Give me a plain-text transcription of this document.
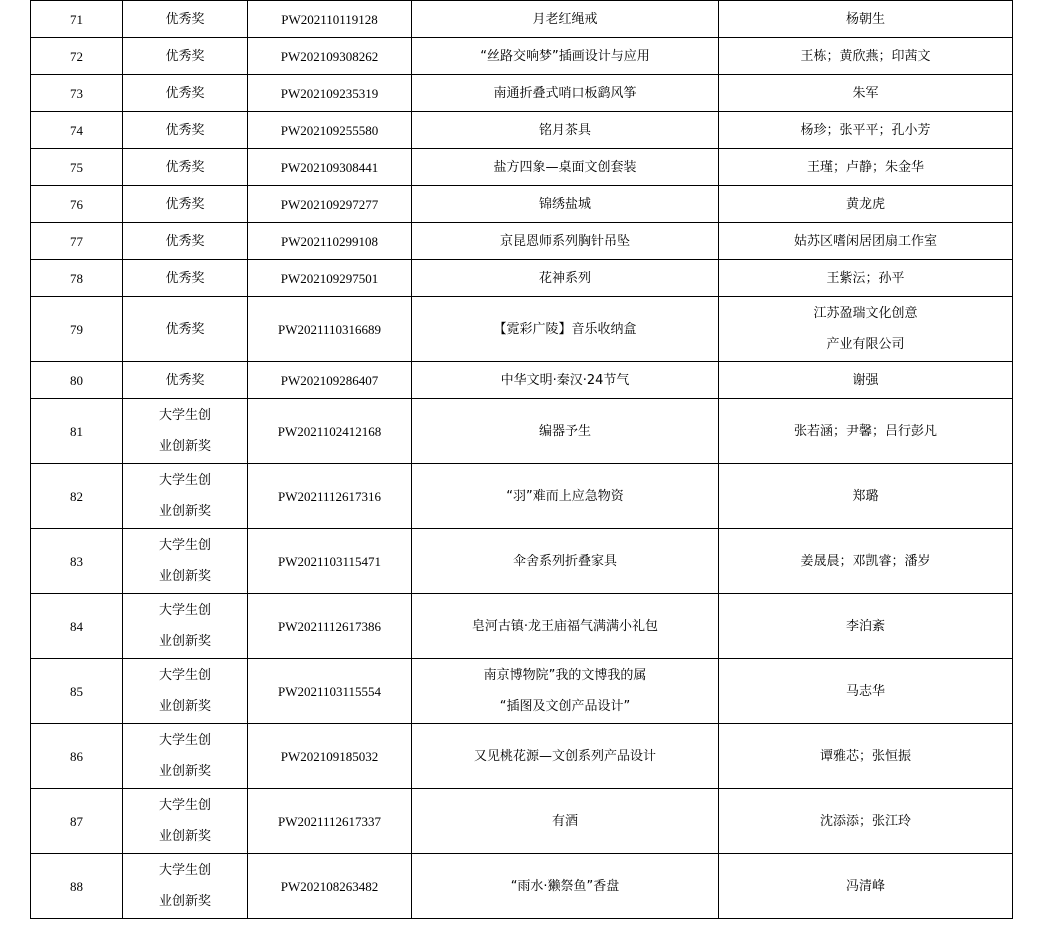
71	优秀奖	PW202110119128	月老红绳戒	杨朝生

72	优秀奖	PW202109308262	“丝路交响梦”插画设计与应用	王栋；黄欣燕；印茜文

73	优秀奖	PW202109235319	南通折叠式哨口板鹞风筝	朱军

74	优秀奖	PW202109255580	铭月茶具	杨珍；张平平；孔小芳

75	优秀奖	PW202109308441	盐方四象—桌面文创套装	王瑾；卢静；朱金华

76	优秀奖	PW202109297277	锦绣盐城	黄龙虎

77	优秀奖	PW202110299108	京昆恩师系列胸针吊坠	姑苏区嗜闲居团扇工作室

78	优秀奖	PW202109297501	花神系列	王紫沄；孙平

79	优秀奖	PW2021110316689	【霓彩广陵】音乐收纳盒	江苏盈瑞文化创意
产业有限公司

80	优秀奖	PW202109286407	中华文明·秦汉·24节气	谢强

81	大学生创
业创新奖	PW2021102412168	编器予生	张若涵；尹馨；吕行彭凡

82	大学生创
业创新奖	PW2021112617316	“羽”难而上应急物资	郑璐

83	大学生创
业创新奖	PW2021103115471	伞舍系列折叠家具	姜晟晨；邓凯睿；潘岁

84	大学生创
业创新奖	PW2021112617386	皂河古镇·龙王庙福气满满小礼包	李泊紊

85	大学生创
业创新奖	PW2021103115554	南京博物院”我的文博我的属
“插图及文创产品设计”	马志华

86	大学生创
业创新奖	PW202109185032	又见桃花源—文创系列产品设计	谭雅芯；张恒振

87	大学生创
业创新奖	PW2021112617337	有酒	沈添添；张江玲

88	大学生创
业创新奖	PW202108263482	“雨水·獭祭鱼”香盘	冯清峰
